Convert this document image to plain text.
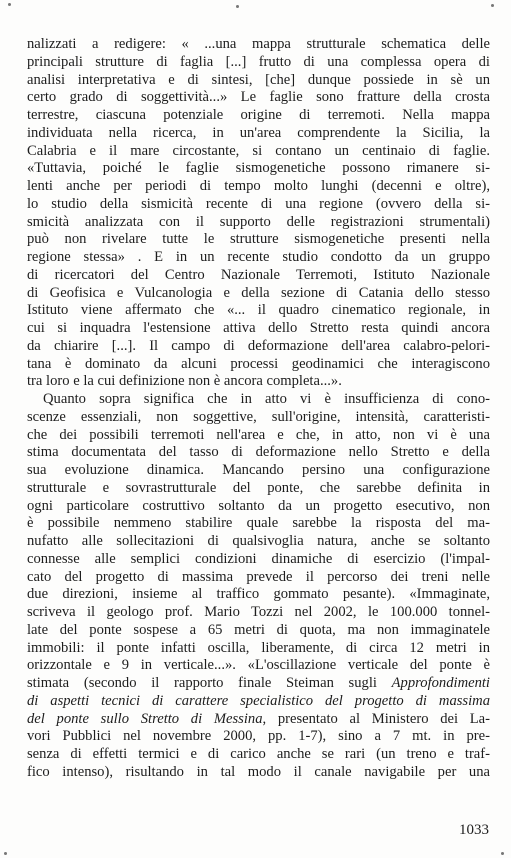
nalizzati a redigere: « ...una mappa strutturale schematica delle
principali strutture di faglia [...] frutto di una complessa opera di
analisi interpretativa e di sintesi, [che] dunque possiede in sè un
certo grado di soggettività...» Le faglie sono fratture della crosta
terrestre, ciascuna potenziale origine di terremoti. Nella mappa
individuata nella ricerca, in un'area comprendente la Sicilia, la
Calabria e il mare circostante, si contano un centinaio di faglie.
«Tuttavia, poiché le faglie sismogenetiche possono rimanere si-
lenti anche per periodi di tempo molto lunghi (decenni e oltre),
lo studio della sismicità recente di una regione (ovvero della si-
smicità analizzata con il supporto delle registrazioni strumentali)
può non rivelare tutte le strutture sismogenetiche presenti nella
regione stessa» . E in un recente studio condotto da un gruppo
di ricercatori del Centro Nazionale Terremoti, Istituto Nazionale
di Geofisica e Vulcanologia e della sezione di Catania dello stesso
Istituto viene affermato che «... il quadro cinematico regionale, in
cui si inquadra l'estensione attiva dello Stretto resta quindi ancora
da chiarire [...]. Il campo di deformazione dell'area calabro-pelori-
tana è dominato da alcuni processi geodinamici che interagiscono
tra loro e la cui definizione non è ancora completa...».
Quanto sopra significa che in atto vi è insufficienza di cono-
scenze essenziali, non soggettive, sull'origine, intensità, caratteristi-
che dei possibili terremoti nell'area e che, in atto, non vi è una
stima documentata del tasso di deformazione nello Stretto e della
sua evoluzione dinamica. Mancando persino una configurazione
strutturale e sovrastrutturale del ponte, che sarebbe definita in
ogni particolare costruttivo soltanto da un progetto esecutivo, non
è possibile nemmeno stabilire quale sarebbe la risposta del ma-
nufatto alle sollecitazioni di qualsivoglia natura, anche se soltanto
connesse alle semplici condizioni dinamiche di esercizio (l'impal-
cato del progetto di massima prevede il percorso dei treni nelle
due direzioni, insieme al traffico gommato pesante). «Immaginate,
scriveva il geologo prof. Mario Tozzi nel 2002, le 100.000 tonnel-
late del ponte sospese a 65 metri di quota, ma non immaginatele
immobili: il ponte infatti oscilla, liberamente, di circa 12 metri in
orizzontale e 9 in verticale...». «L'oscillazione verticale del ponte è
stimata (secondo il rapporto finale Steiman sugli Approfondimenti
di aspetti tecnici di carattere specialistico del progetto di massima
del ponte sullo Stretto di Messina, presentato al Ministero dei La-
vori Pubblici nel novembre 2000, pp. 1-7), sino a 7 mt. in pre-
senza di effetti termici e di carico anche se rari (un treno e traf-
fico intenso), risultando in tal modo il canale navigabile per una
1033
